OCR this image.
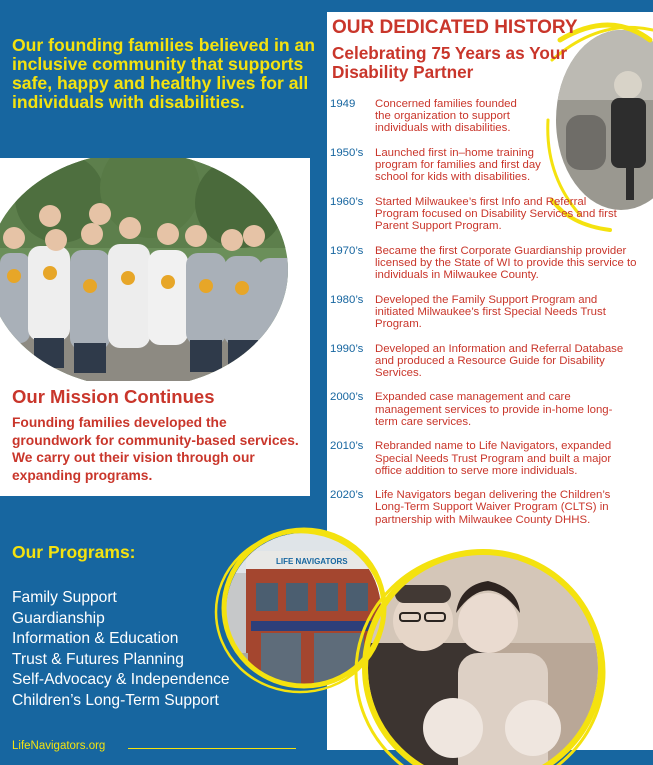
Our founding families believed in an inclusive community that supports safe, happy and healthy lives for all individuals with disabilities.

Our Mission Continues

Founding families developed the groundwork for community-based services. We carry out their vision through our expanding programs.

Our Programs:
Family Support
Guardianship
Information & Education
Trust & Futures Planning
Self-Advocacy & Independence
Children’s Long-Term Support
LifeNavigators.org
OUR DEDICATED HISTORY
Celebrating 75 Years as Your Disability Partner
1949	Concerned families founded the organization to support individuals with disabilities.
1950’s	Launched first in–home training program for families and first day school for kids with disabilities.
1960’s	Started Milwaukee’s first Info and Referral Program focused on Disability Services and first Parent Support Program.
1970’s	Became the first Corporate Guardianship provider licensed by the State of WI to provide this service to individuals in Milwaukee County.
1980’s	Developed the Family Support Program and initiated Milwaukee’s first Special Needs Trust Program.
1990’s	Developed an Information and Referral Database and produced a Resource Guide for Disability Services.
2000’s	Expanded case management and care management services to provide in-home long-term care services.
2010’s	Rebranded name to Life Navigators, expanded Special Needs Trust Program and built a major office addition to serve more individuals.
2020’s	Life Navigators began delivering the Children’s Long-Term Support Waiver Program (CLTS) in partnership with Milwaukee County DHHS.
LIFE NAVIGATORS
